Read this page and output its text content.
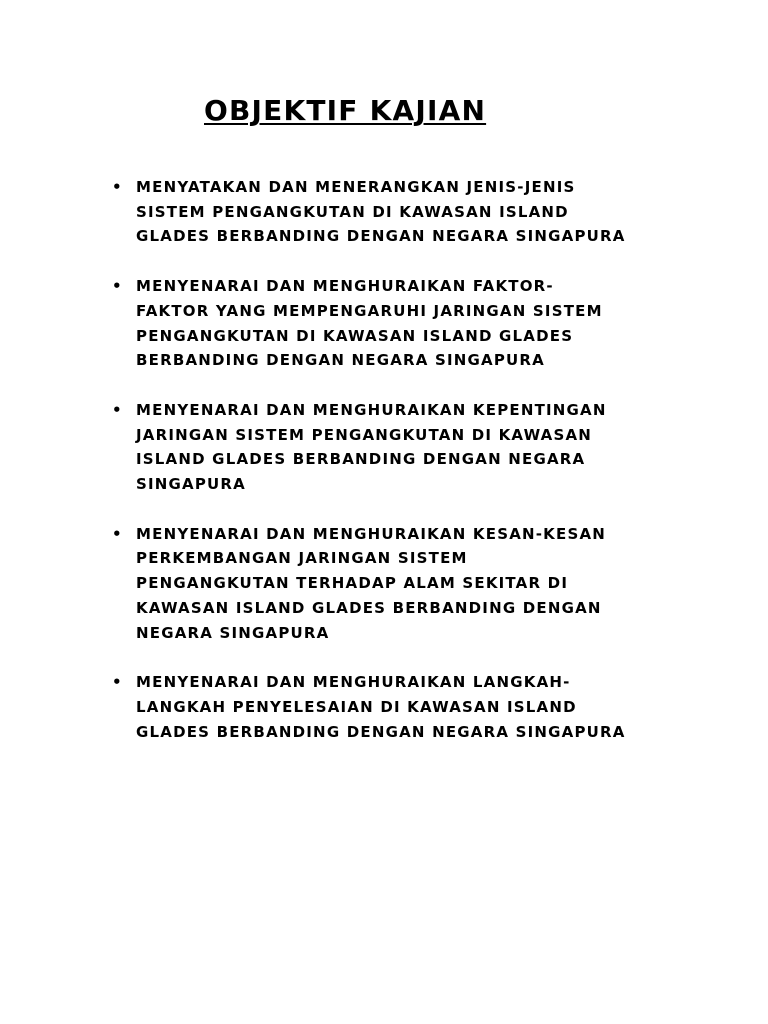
OBJEKTIF KAJIAN
• MENYATAKAN DAN MENERANGKAN JENIS-JENIS
SISTEM PENGANGKUTAN DI KAWASAN ISLAND
GLADES BERBANDING DENGAN NEGARA SINGAPURA
• MENYENARAI DAN MENGHURAIKAN FAKTOR-
FAKTOR YANG MEMPENGARUHI JARINGAN SISTEM
PENGANGKUTAN DI KAWASAN ISLAND GLADES
BERBANDING DENGAN NEGARA SINGAPURA
• MENYENARAI DAN MENGHURAIKAN KEPENTINGAN
JARINGAN SISTEM PENGANGKUTAN DI KAWASAN
ISLAND GLADES BERBANDING DENGAN NEGARA
SINGAPURA
• MENYENARAI DAN MENGHURAIKAN KESAN-KESAN
PERKEMBANGAN JARINGAN SISTEM
PENGANGKUTAN TERHADAP ALAM SEKITAR DI
KAWASAN ISLAND GLADES BERBANDING DENGAN
NEGARA SINGAPURA
• MENYENARAI DAN MENGHURAIKAN LANGKAH-
LANGKAH PENYELESAIAN DI KAWASAN ISLAND
GLADES BERBANDING DENGAN NEGARA SINGAPURA
